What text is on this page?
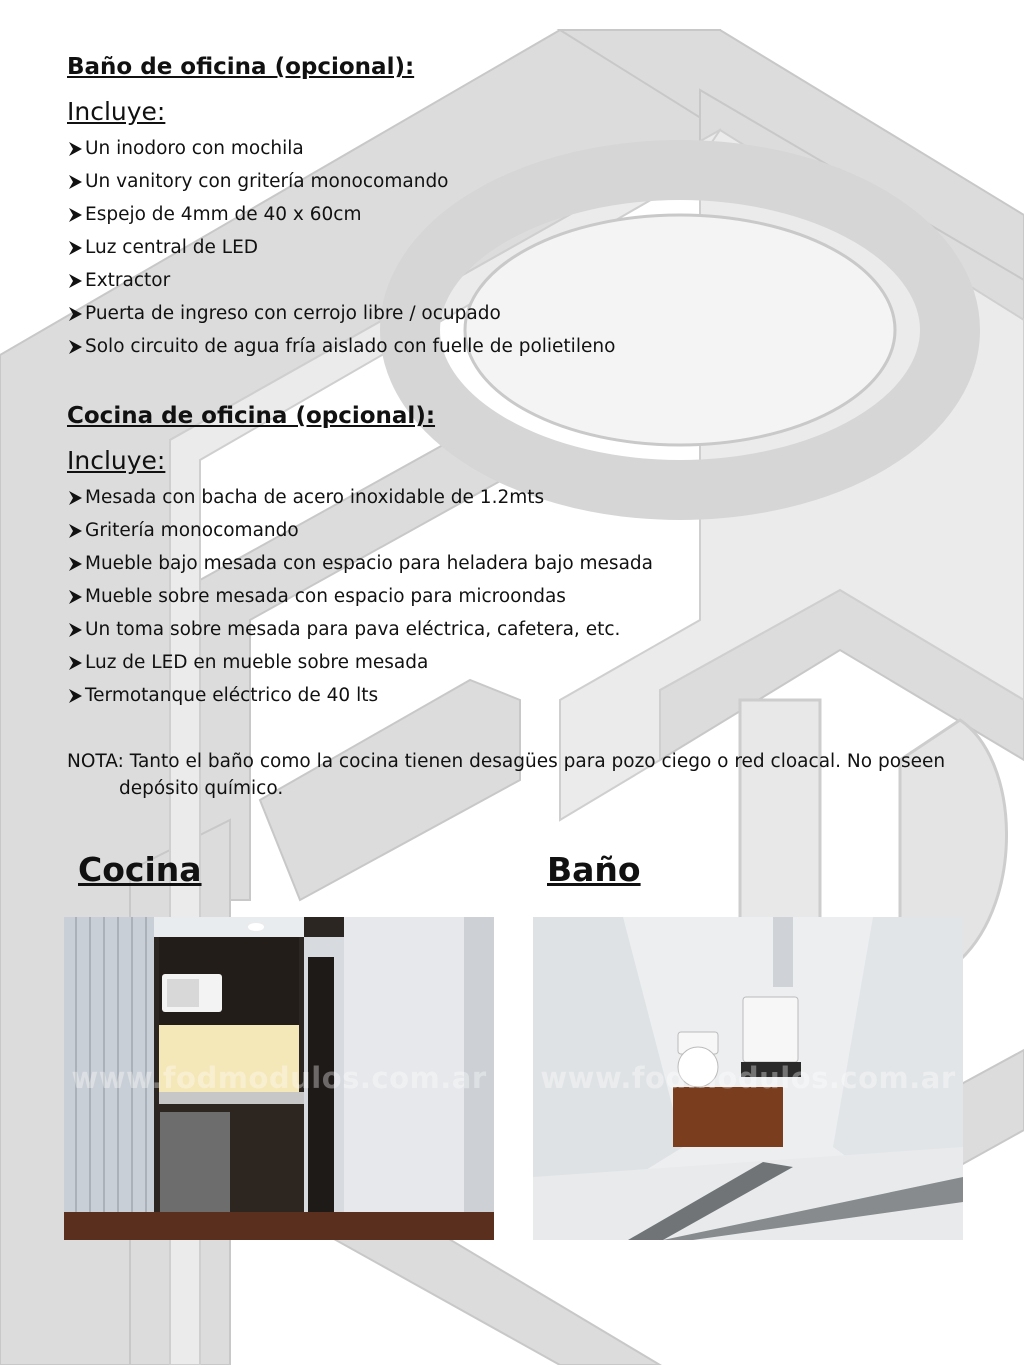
Baño de oficina (opcional):
Incluye:
Un inodoro con mochila
Un vanitory con gritería monocomando
Espejo de 4mm de 40 x 60cm
Luz central de LED
Extractor
Puerta de ingreso con cerrojo libre / ocupado
Solo circuito de agua fría aislado con fuelle de polietileno
Cocina de oficina (opcional):
Incluye:
Mesada con bacha de acero inoxidable de 1.2mts
Gritería monocomando
Mueble bajo mesada con espacio para heladera bajo mesada
Mueble sobre mesada con espacio para microondas
Un toma sobre mesada para pava eléctrica, cafetera, etc.
Luz de LED en mueble sobre mesada
Termotanque eléctrico de 40 lts

NOTA: Tanto el baño como la cocina tienen desagües para pozo ciego o red cloacal. No poseen depósito químico.

Cocina	Baño
www.fodmodulos.com.ar www.fodmodulos.com.ar
